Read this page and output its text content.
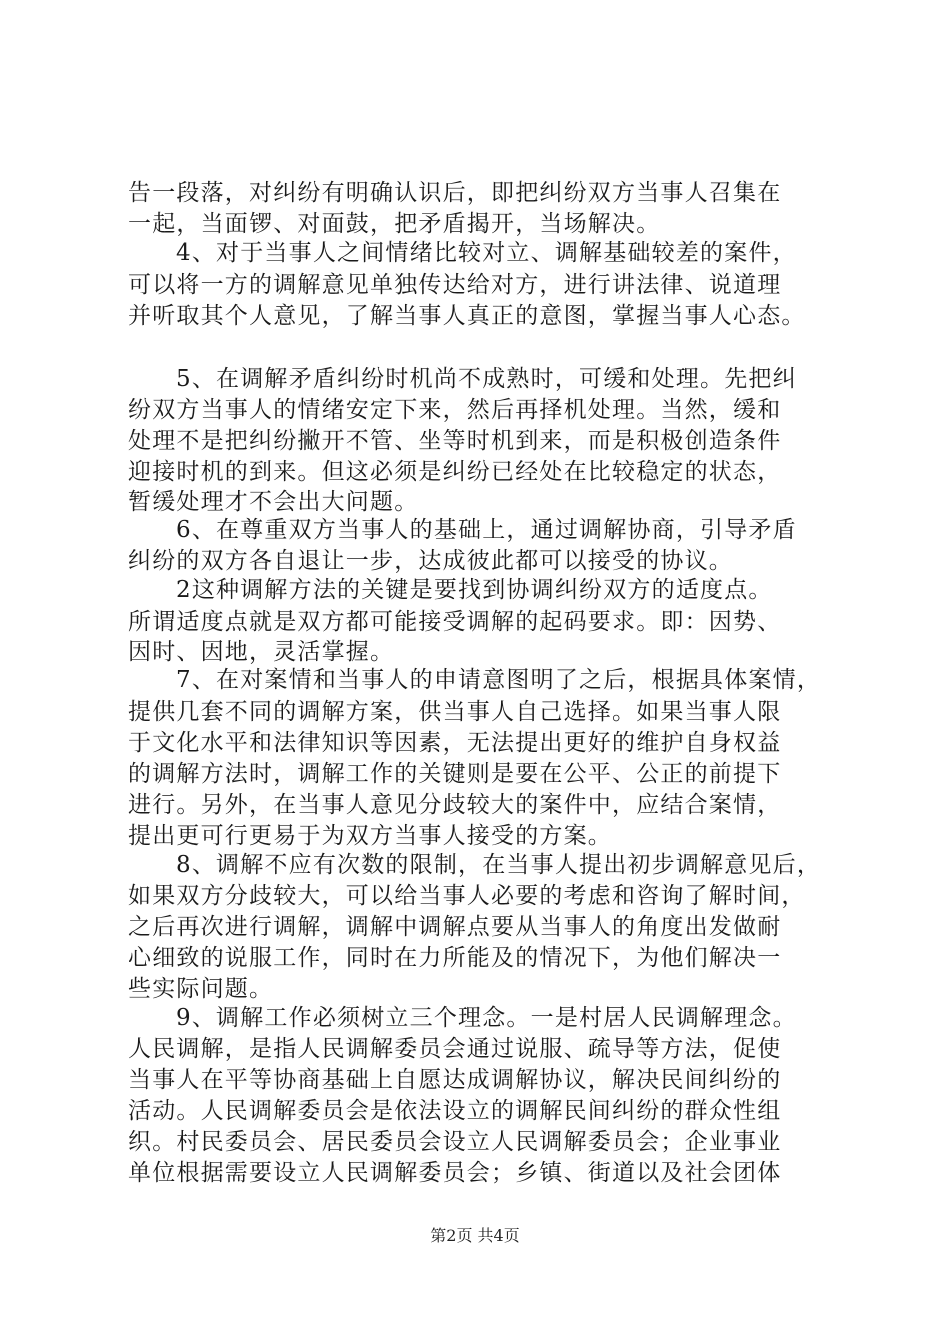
告一段落，对纠纷有明确认识后，即把纠纷双方当事人召集在
一起，当面锣、对面鼓，把矛盾揭开，当场解决。
4、对于当事人之间情绪比较对立、调解基础较差的案件，
可以将一方的调解意见单独传达给对方，进行讲法律、说道理
并听取其个人意见，了解当事人真正的意图，掌握当事人心态。
5、在调解矛盾纠纷时机尚不成熟时，可缓和处理。先把纠
纷双方当事人的情绪安定下来，然后再择机处理。当然，缓和
处理不是把纠纷撇开不管、坐等时机到来，而是积极创造条件
迎接时机的到来。但这必须是纠纷已经处在比较稳定的状态，
暂缓处理才不会出大问题。
6、在尊重双方当事人的基础上，通过调解协商，引导矛盾
纠纷的双方各自退让一步，达成彼此都可以接受的协议。
2这种调解方法的关键是要找到协调纠纷双方的适度点。
所谓适度点就是双方都可能接受调解的起码要求。即：因势、
因时、因地，灵活掌握。
7、在对案情和当事人的申请意图明了之后，根据具体案情，
提供几套不同的调解方案，供当事人自己选择。如果当事人限
于文化水平和法律知识等因素，无法提出更好的维护自身权益
的调解方法时，调解工作的关键则是要在公平、公正的前提下
进行。另外，在当事人意见分歧较大的案件中，应结合案情，
提出更可行更易于为双方当事人接受的方案。
8、调解不应有次数的限制，在当事人提出初步调解意见后，
如果双方分歧较大，可以给当事人必要的考虑和咨询了解时间，
之后再次进行调解，调解中调解点要从当事人的角度出发做耐
心细致的说服工作，同时在力所能及的情况下，为他们解决一
些实际问题。
9、调解工作必须树立三个理念。一是村居人民调解理念。
人民调解，是指人民调解委员会通过说服、疏导等方法，促使
当事人在平等协商基础上自愿达成调解协议，解决民间纠纷的
活动。人民调解委员会是依法设立的调解民间纠纷的群众性组
织。村民委员会、居民委员会设立人民调解委员会；企业事业
单位根据需要设立人民调解委员会；乡镇、街道以及社会团体
第2页 共4页
